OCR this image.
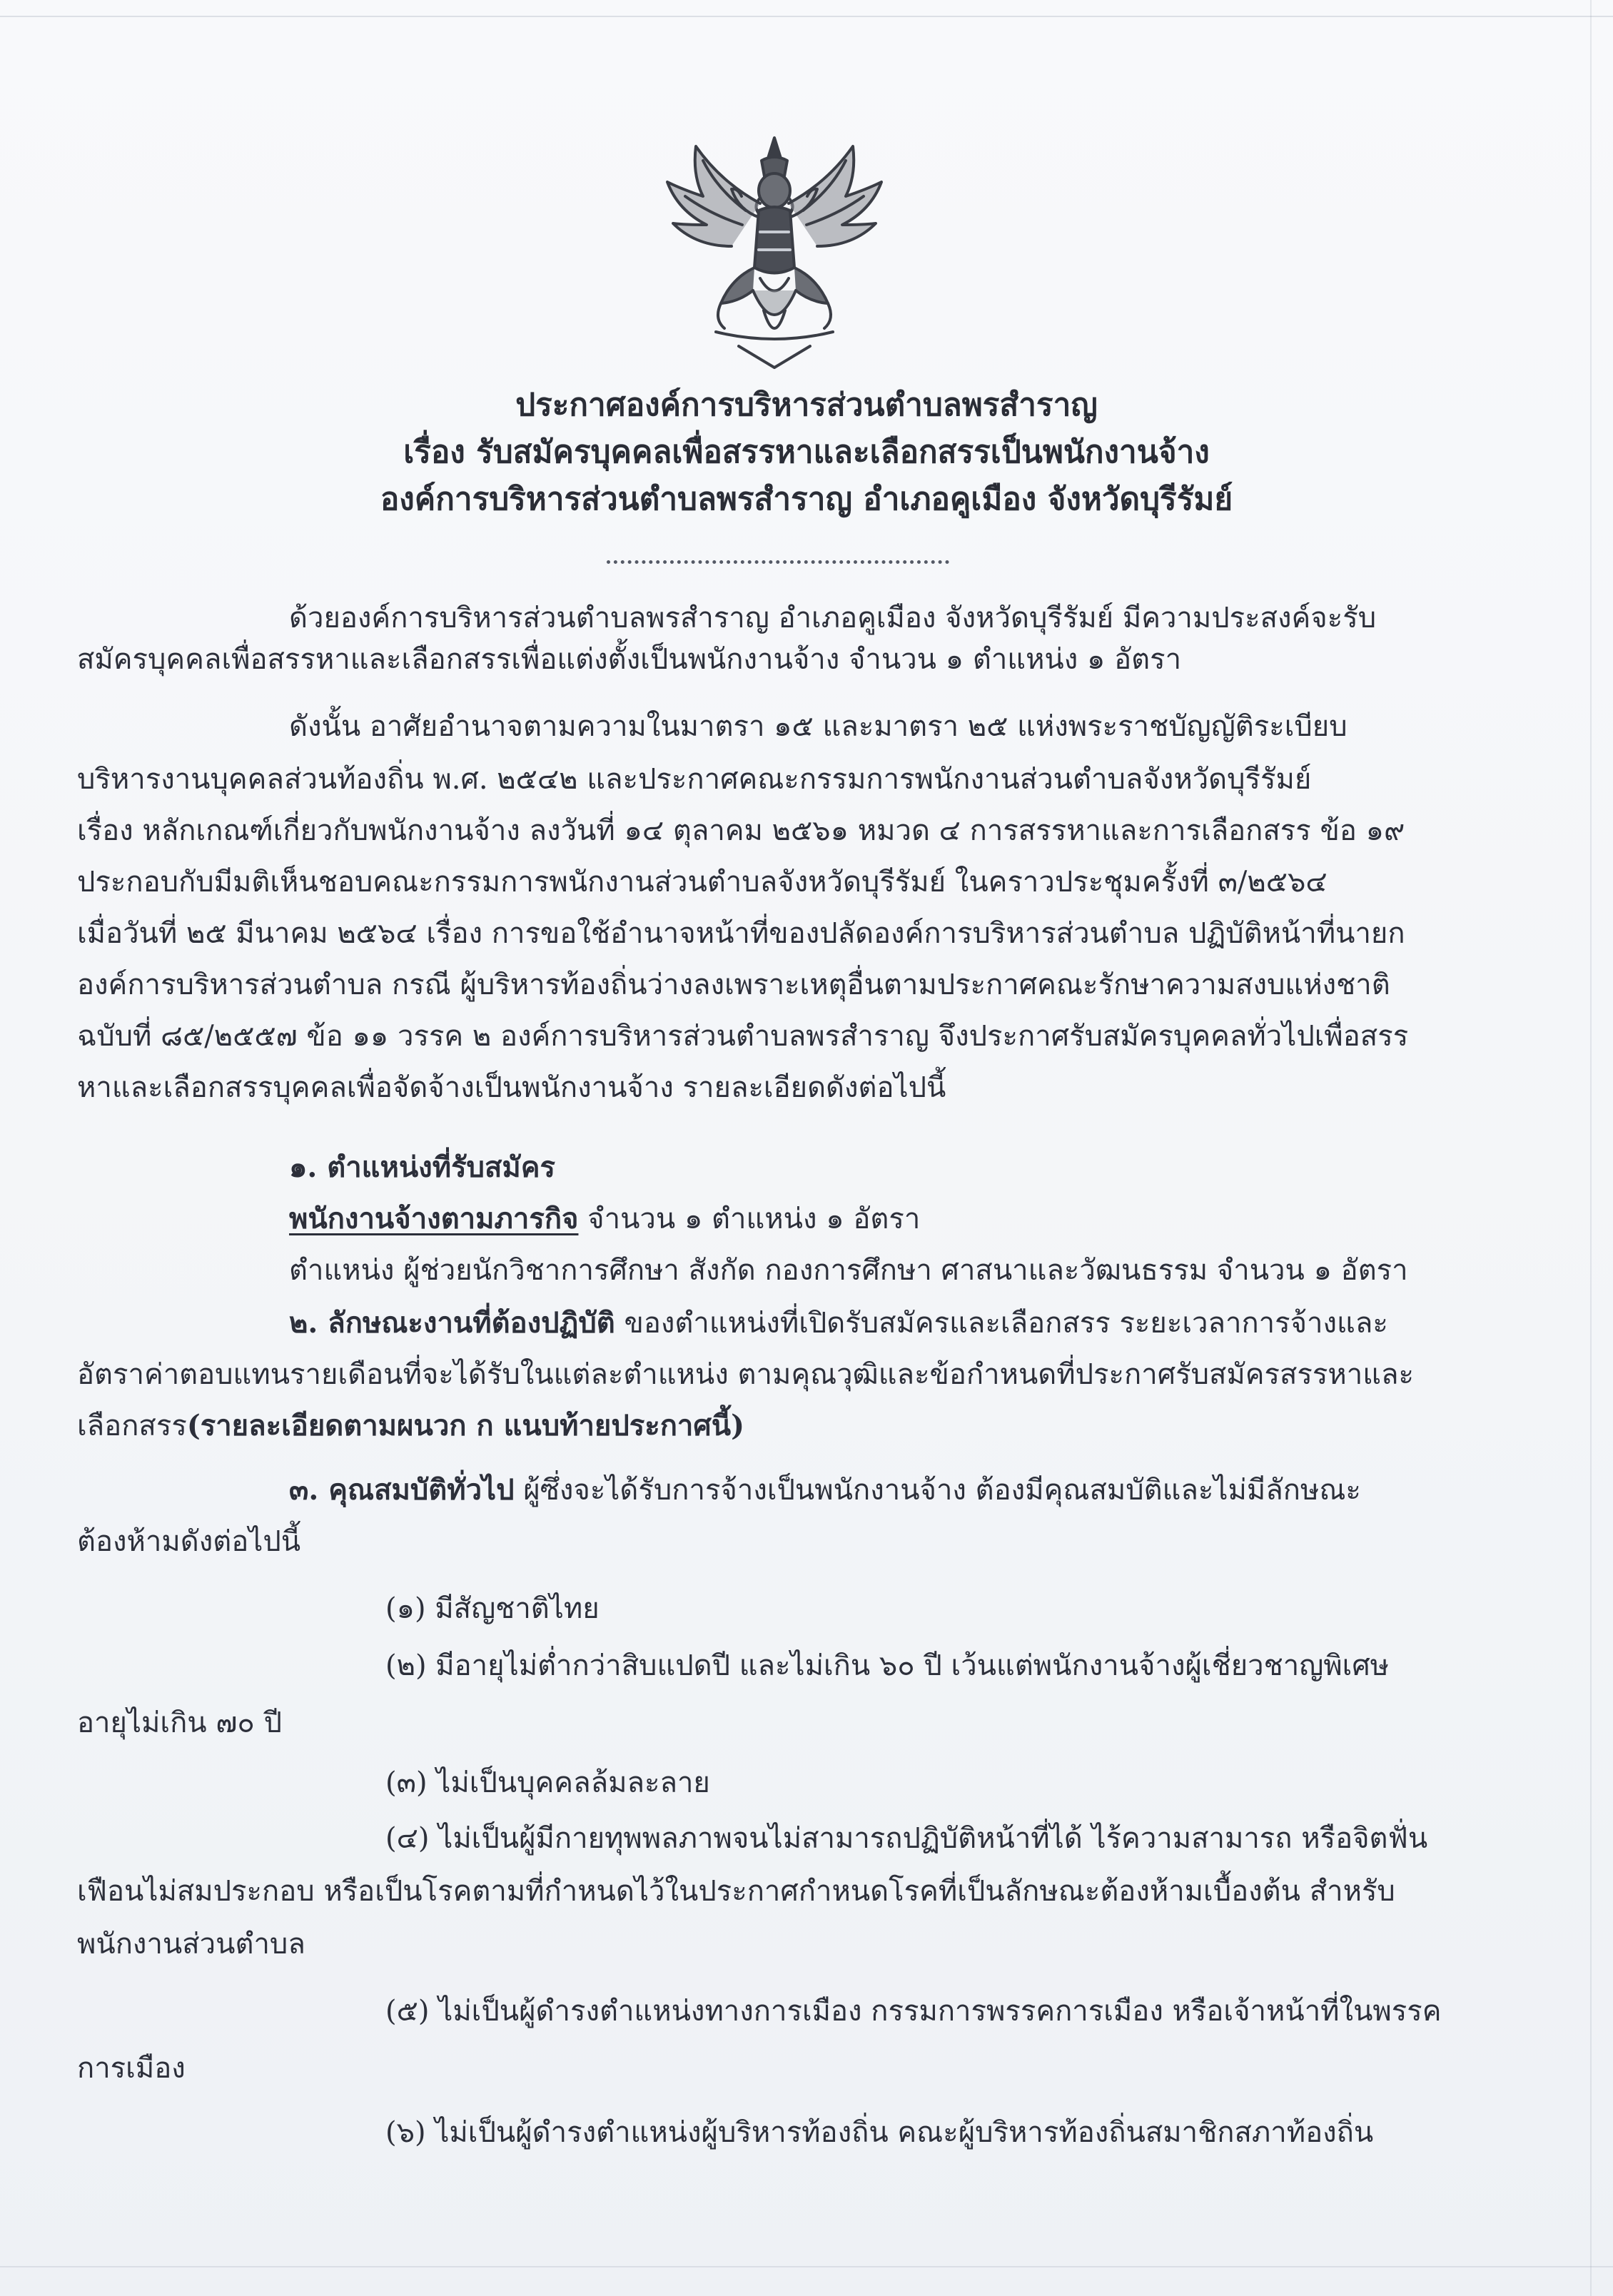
ประกาศองค์การบริหารส่วนตำบลพรสำราญ
เรื่อง รับสมัครบุคคลเพื่อสรรหาและเลือกสรรเป็นพนักงานจ้าง
องค์การบริหารส่วนตำบลพรสำราญ อำเภอคูเมือง จังหวัดบุรีรัมย์
ด้วยองค์การบริหารส่วนตำบลพรสำราญ อำเภอคูเมือง จังหวัดบุรีรัมย์ มีความประสงค์จะรับ
สมัครบุคคลเพื่อสรรหาและเลือกสรรเพื่อแต่งตั้งเป็นพนักงานจ้าง จำนวน ๑ ตำแหน่ง ๑ อัตรา
ดังนั้น อาศัยอำนาจตามความในมาตรา ๑๕ และมาตรา ๒๕ แห่งพระราชบัญญัติระเบียบ
บริหารงานบุคคลส่วนท้องถิ่น พ.ศ. ๒๕๔๒ และประกาศคณะกรรมการพนักงานส่วนตำบลจังหวัดบุรีรัมย์
เรื่อง หลักเกณฑ์เกี่ยวกับพนักงานจ้าง ลงวันที่ ๑๔ ตุลาคม ๒๕๖๑ หมวด ๔ การสรรหาและการเลือกสรร ข้อ ๑๙
ประกอบกับมีมติเห็นชอบคณะกรรมการพนักงานส่วนตำบลจังหวัดบุรีรัมย์ ในคราวประชุมครั้งที่ ๓/๒๕๖๔
เมื่อวันที่ ๒๕ มีนาคม ๒๕๖๔ เรื่อง การขอใช้อำนาจหน้าที่ของปลัดองค์การบริหารส่วนตำบล ปฏิบัติหน้าที่นายก
องค์การบริหารส่วนตำบล กรณี ผู้บริหารท้องถิ่นว่างลงเพราะเหตุอื่นตามประกาศคณะรักษาความสงบแห่งชาติ
ฉบับที่ ๘๕/๒๕๕๗ ข้อ ๑๑ วรรค ๒ องค์การบริหารส่วนตำบลพรสำราญ จึงประกาศรับสมัครบุคคลทั่วไปเพื่อสรร
หาและเลือกสรรบุคคลเพื่อจัดจ้างเป็นพนักงานจ้าง รายละเอียดดังต่อไปนี้
๑. ตำแหน่งที่รับสมัคร
พนักงานจ้างตามภารกิจ จำนวน ๑ ตำแหน่ง ๑ อัตรา
ตำแหน่ง ผู้ช่วยนักวิชาการศึกษา สังกัด กองการศึกษา ศาสนาและวัฒนธรรม จำนวน ๑ อัตรา
๒. ลักษณะงานที่ต้องปฏิบัติ ของตำแหน่งที่เปิดรับสมัครและเลือกสรร ระยะเวลาการจ้างและ
อัตราค่าตอบแทนรายเดือนที่จะได้รับในแต่ละตำแหน่ง ตามคุณวุฒิและข้อกำหนดที่ประกาศรับสมัครสรรหาและ
เลือกสรร(รายละเอียดตามผนวก ก แนบท้ายประกาศนี้)
๓. คุณสมบัติทั่วไป ผู้ซึ่งจะได้รับการจ้างเป็นพนักงานจ้าง ต้องมีคุณสมบัติและไม่มีลักษณะ
ต้องห้ามดังต่อไปนี้
(๑) มีสัญชาติไทย
(๒) มีอายุไม่ต่ำกว่าสิบแปดปี และไม่เกิน ๖๐ ปี เว้นแต่พนักงานจ้างผู้เชี่ยวชาญพิเศษ
อายุไม่เกิน ๗๐ ปี
(๓) ไม่เป็นบุคคลล้มละลาย
(๔) ไม่เป็นผู้มีกายทุพพลภาพจนไม่สามารถปฏิบัติหน้าที่ได้ ไร้ความสามารถ หรือจิตฟั่น
เฟือนไม่สมประกอบ หรือเป็นโรคตามที่กำหนดไว้ในประกาศกำหนดโรคที่เป็นลักษณะต้องห้ามเบื้องต้น สำหรับ
พนักงานส่วนตำบล
(๕) ไม่เป็นผู้ดำรงตำแหน่งทางการเมือง กรรมการพรรคการเมือง หรือเจ้าหน้าที่ในพรรค
การเมือง
(๖) ไม่เป็นผู้ดำรงตำแหน่งผู้บริหารท้องถิ่น คณะผู้บริหารท้องถิ่นสมาชิกสภาท้องถิ่น
